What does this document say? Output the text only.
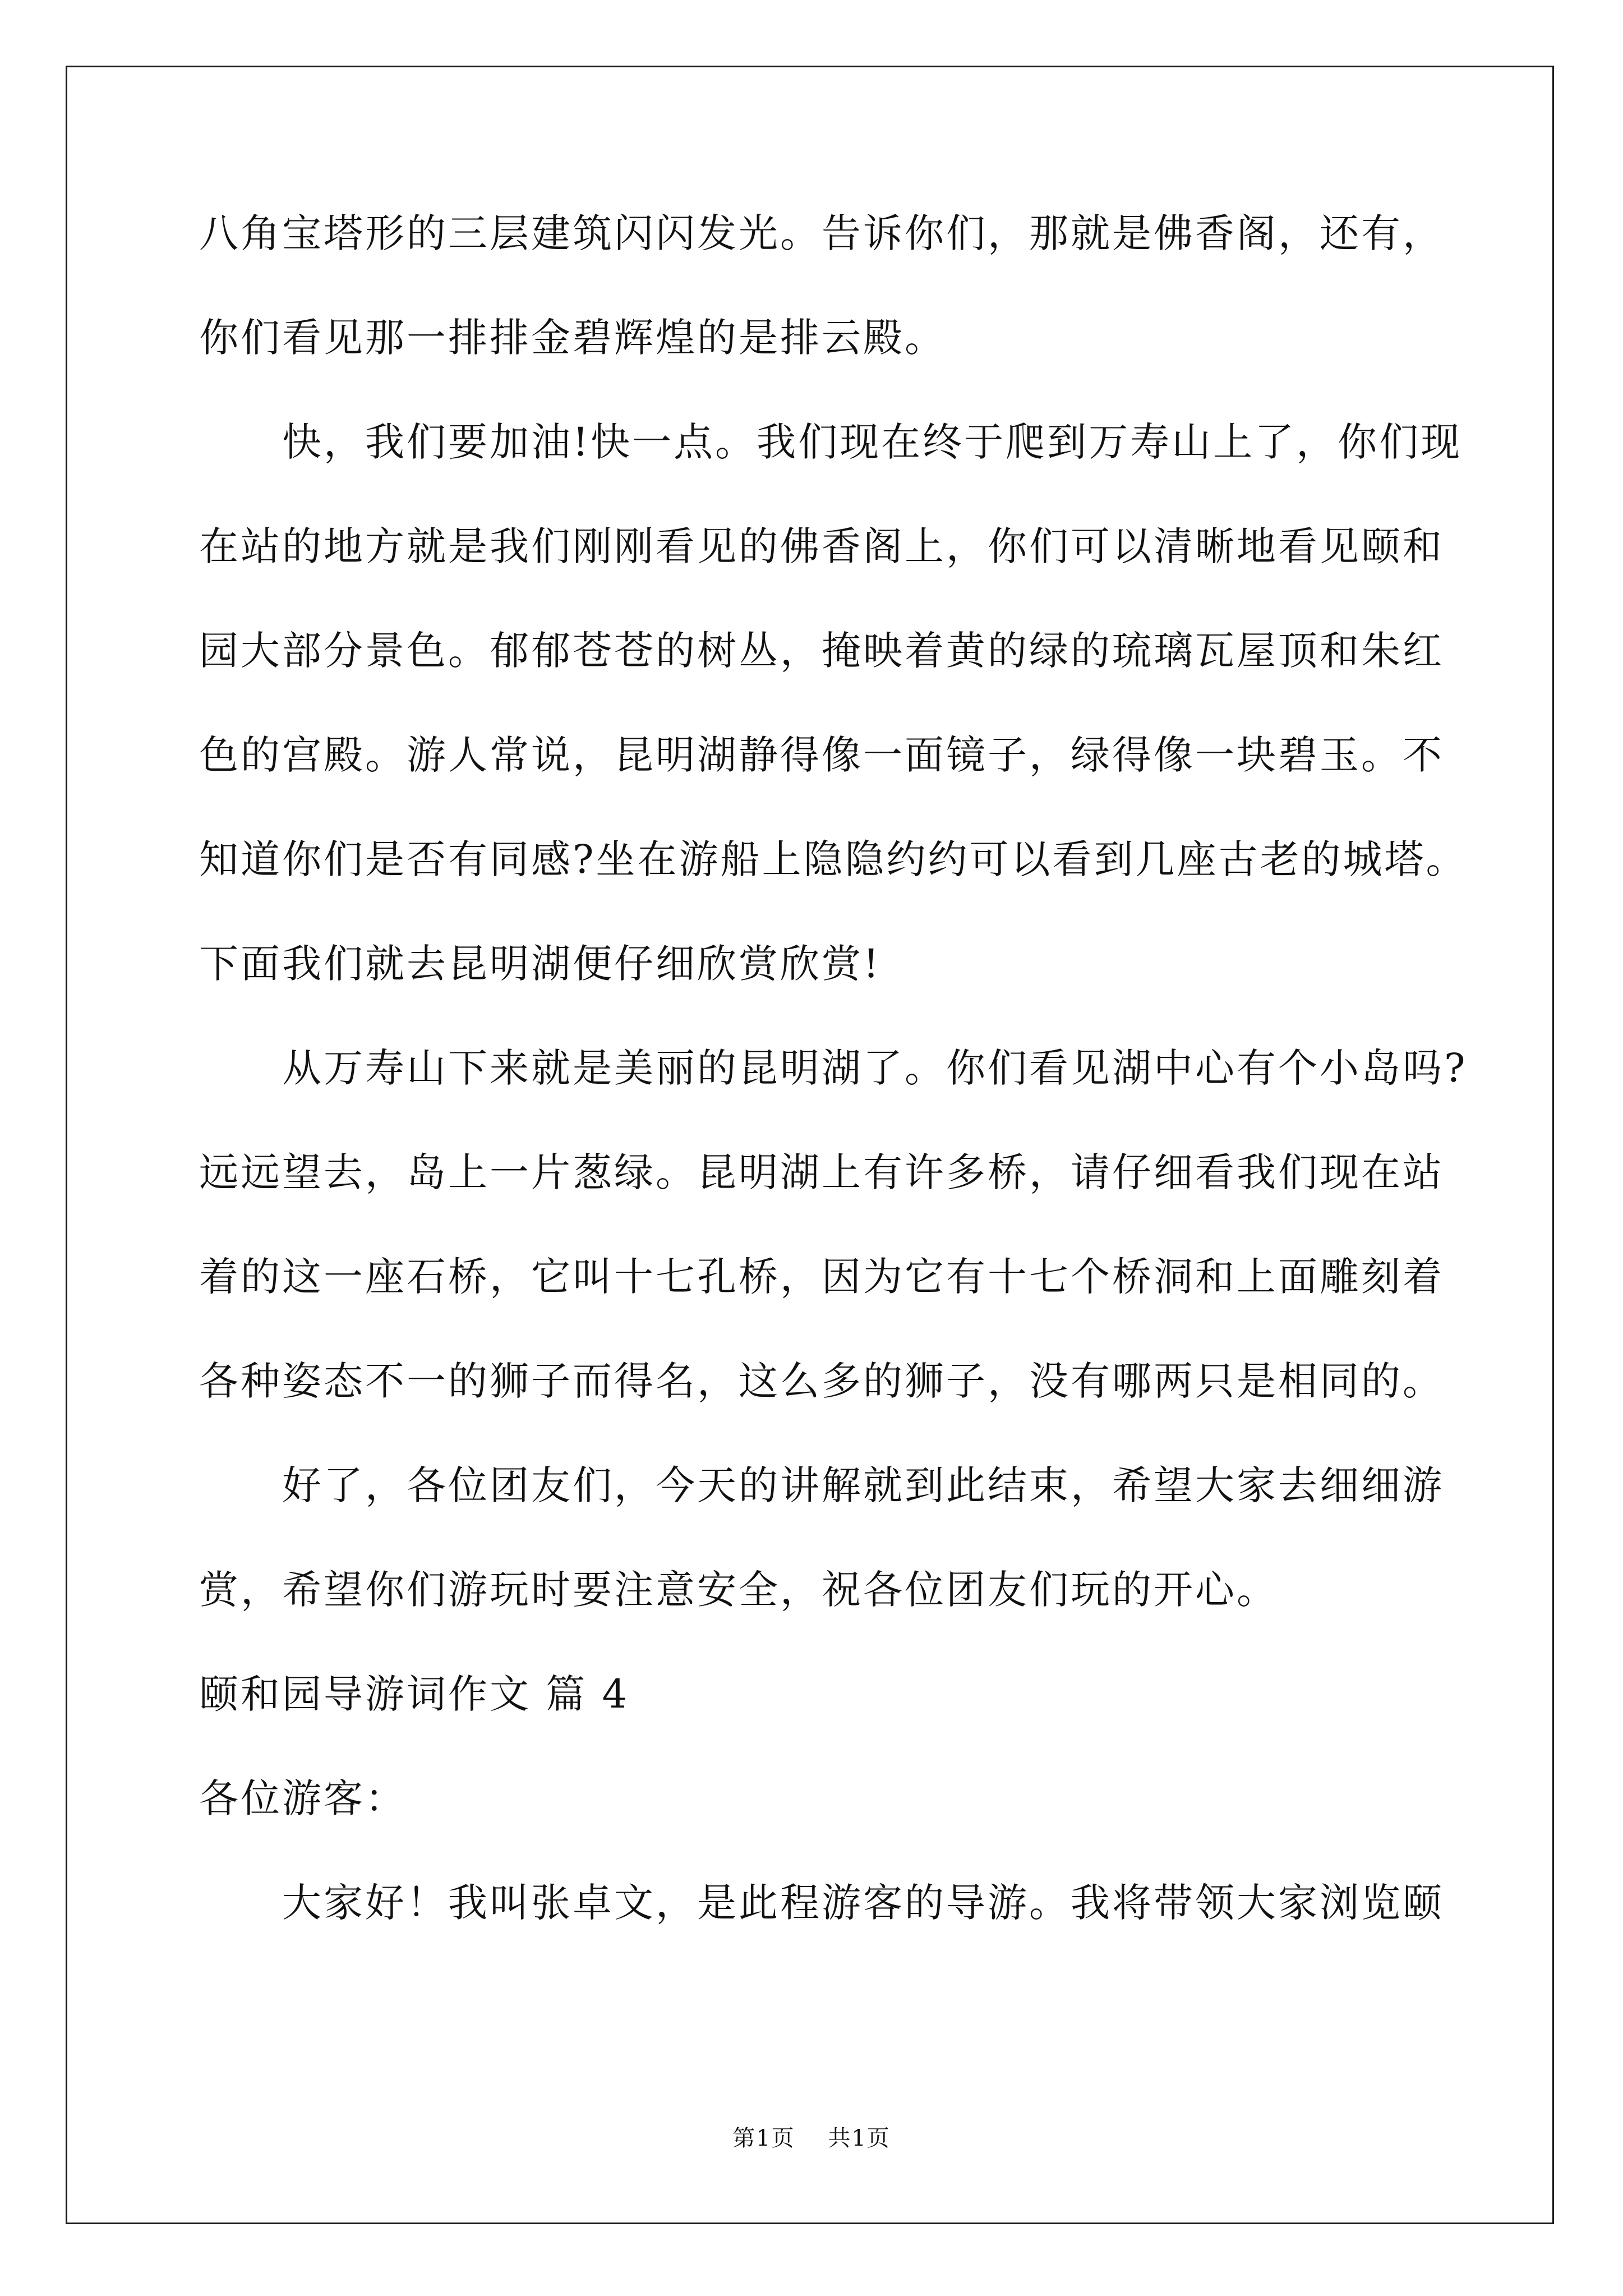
八角宝塔形的三层建筑闪闪发光。告诉你们，那就是佛香阁，还有，
你们看见那一排排金碧辉煌的是排云殿。
快，我们要加油!快一点。我们现在终于爬到万寿山上了，你们现
在站的地方就是我们刚刚看见的佛香阁上，你们可以清晰地看见颐和
园大部分景色。郁郁苍苍的树丛，掩映着黄的绿的琉璃瓦屋顶和朱红
色的宫殿。游人常说，昆明湖静得像一面镜子，绿得像一块碧玉。不
知道你们是否有同感?坐在游船上隐隐约约可以看到几座古老的城塔。
下面我们就去昆明湖便仔细欣赏欣赏!
从万寿山下来就是美丽的昆明湖了。你们看见湖中心有个小岛吗?
远远望去，岛上一片葱绿。昆明湖上有许多桥，请仔细看我们现在站
着的这一座石桥，它叫十七孔桥，因为它有十七个桥洞和上面雕刻着
各种姿态不一的狮子而得名，这么多的狮子，没有哪两只是相同的。
好了，各位团友们，今天的讲解就到此结束，希望大家去细细游
赏，希望你们游玩时要注意安全，祝各位团友们玩的开心。
颐和园导游词作文 篇 4
各位游客：
大家好！我叫张卓文，是此程游客的导游。我将带领大家浏览颐
第1页 共1页
